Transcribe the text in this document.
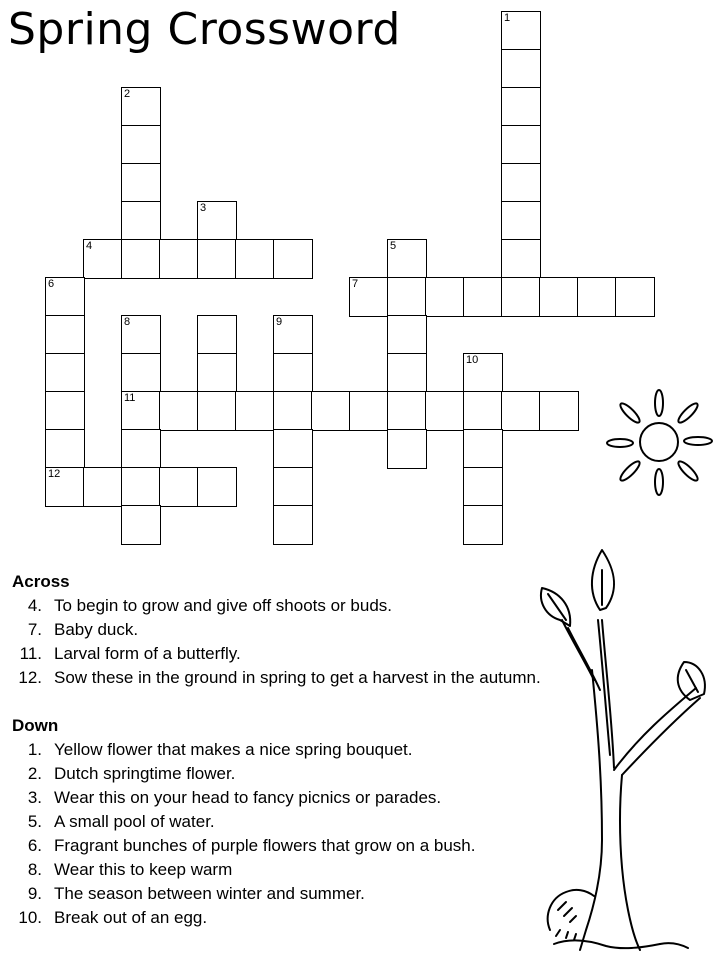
Spring Crossword	1
2
3
4	5
6	7
8	9
10
11
12
Across
4. To begin to grow and give off shoots or buds.
7. Baby duck.
11. Larval form of a butterfly.
12. Sow these in the ground in spring to get a harvest in the autumn.
Down
1. Yellow flower that makes a nice spring bouquet.
2. Dutch springtime flower.
3. Wear this on your head to fancy picnics or parades.
5. A small pool of water.
6. Fragrant bunches of purple flowers that grow on a bush.
8. Wear this to keep warm
9. The season between winter and summer.
10. Break out of an egg.
